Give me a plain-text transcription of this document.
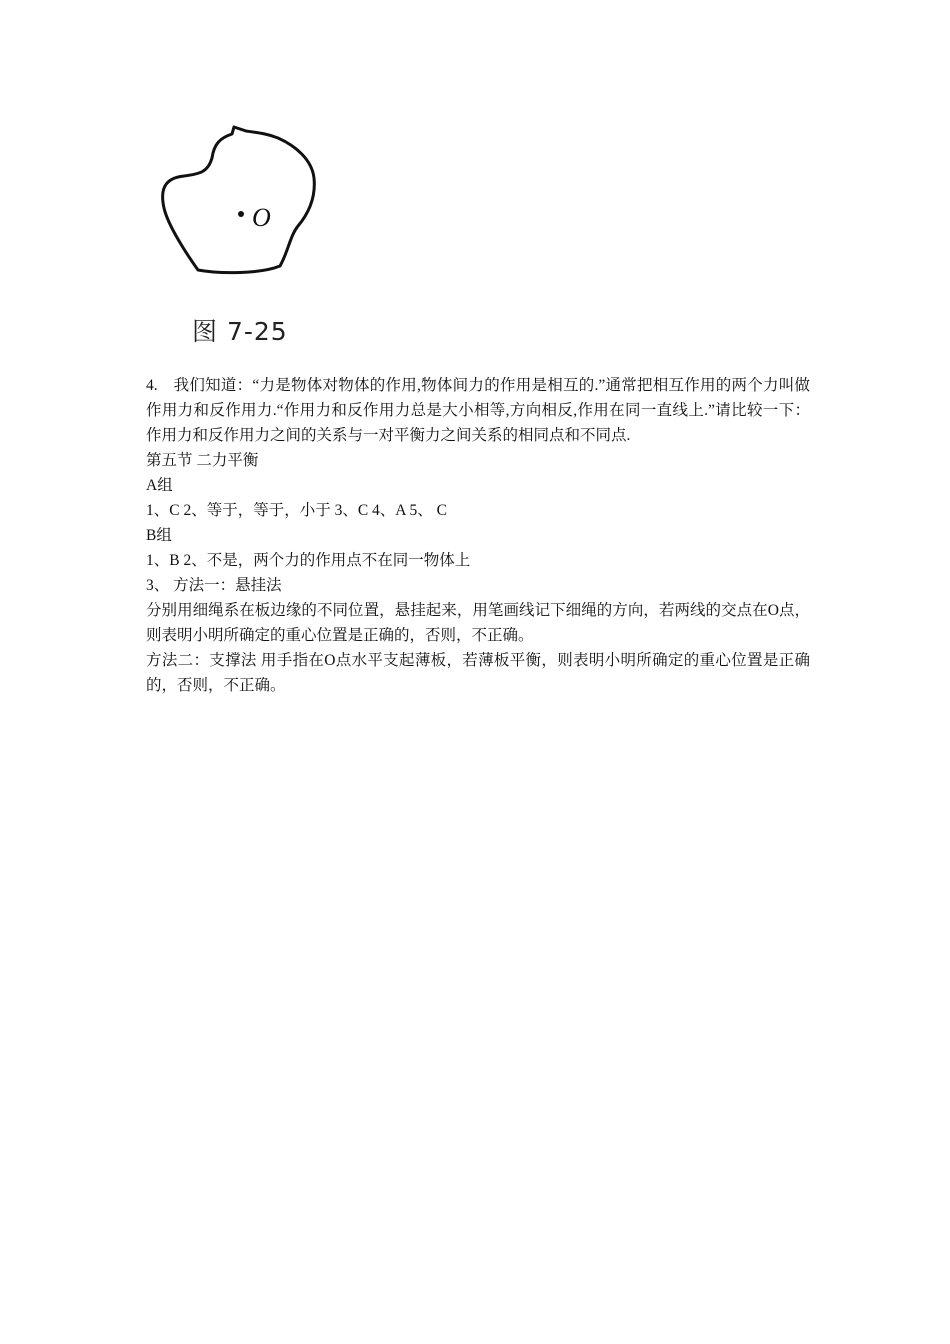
O
图 7-25

4.　我们知道：“力是物体对物体的作用,物体间力的作用是相互的.”通常把相互作用的两个力叫做作用力和反作用力.“作用力和反作用力总是大小相等,方向相反,作用在同一直线上.”请比较一下：作用力和反作用力之间的关系与一对平衡力之间关系的相同点和不同点.

第五节 二力平衡

A组

1、C 2、等于，等于，小于 3、C 4、A 5、 C

B组

1、B 2、不是，两个力的作用点不在同一物体上

3、 方法一：悬挂法

分别用细绳系在板边缘的不同位置，悬挂起来，用笔画线记下细绳的方向，若两线的交点在O点，则表明小明所确定的重心位置是正确的，否则，不正确。

方法二：支撑法 用手指在O点水平支起薄板，若薄板平衡，则表明小明所确定的重心位置是正确的，否则，不正确。
